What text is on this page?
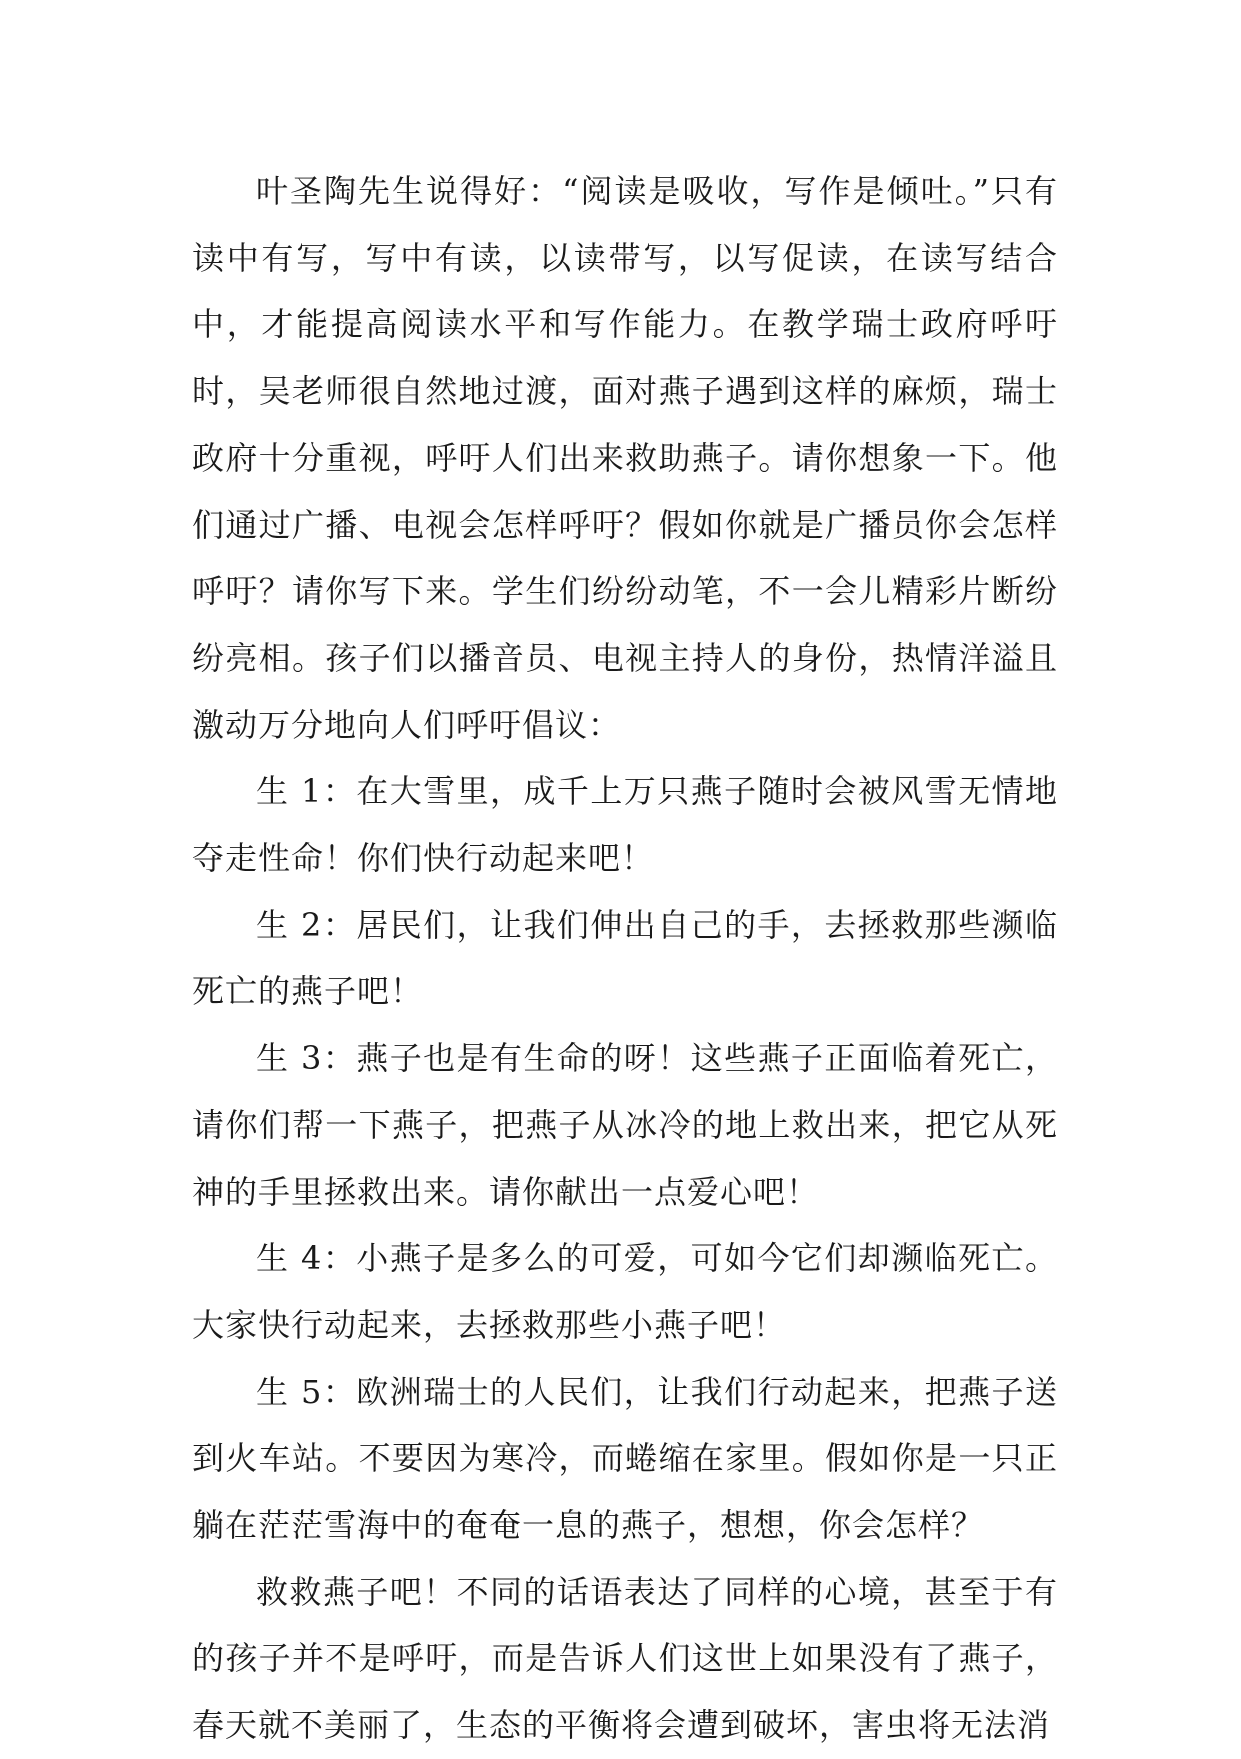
叶圣陶先生说得好：“阅读是吸收，写作是倾吐。”只有读中有写，写中有读，以读带写，以写促读，在读写结合中，才能提高阅读水平和写作能力。在教学瑞士政府呼吁时，吴老师很自然地过渡，面对燕子遇到这样的麻烦，瑞士政府十分重视，呼吁人们出来救助燕子。请你想象一下。他们通过广播、电视会怎样呼吁？假如你就是广播员你会怎样呼吁？请你写下来。学生们纷纷动笔，不一会儿精彩片断纷纷亮相。孩子们以播音员、电视主持人的身份，热情洋溢且激动万分地向人们呼吁倡议：

生 1：在大雪里，成千上万只燕子随时会被风雪无情地夺走性命！你们快行动起来吧！

生 2：居民们，让我们伸出自己的手，去拯救那些濒临死亡的燕子吧！

生 3：燕子也是有生命的呀！这些燕子正面临着死亡，请你们帮一下燕子，把燕子从冰冷的地上救出来，把它从死神的手里拯救出来。请你献出一点爱心吧！

生 4：小燕子是多么的可爱，可如今它们却濒临死亡。大家快行动起来，去拯救那些小燕子吧！

生 5：欧洲瑞士的人民们，让我们行动起来，把燕子送到火车站。不要因为寒冷，而蜷缩在家里。假如你是一只正躺在茫茫雪海中的奄奄一息的燕子，想想，你会怎样？

救救燕子吧！不同的话语表达了同样的心境，甚至于有的孩子并不是呼吁，而是告诉人们这世上如果没有了燕子，春天就不美丽了，生态的平衡将会遭到破坏，害虫将无法消
